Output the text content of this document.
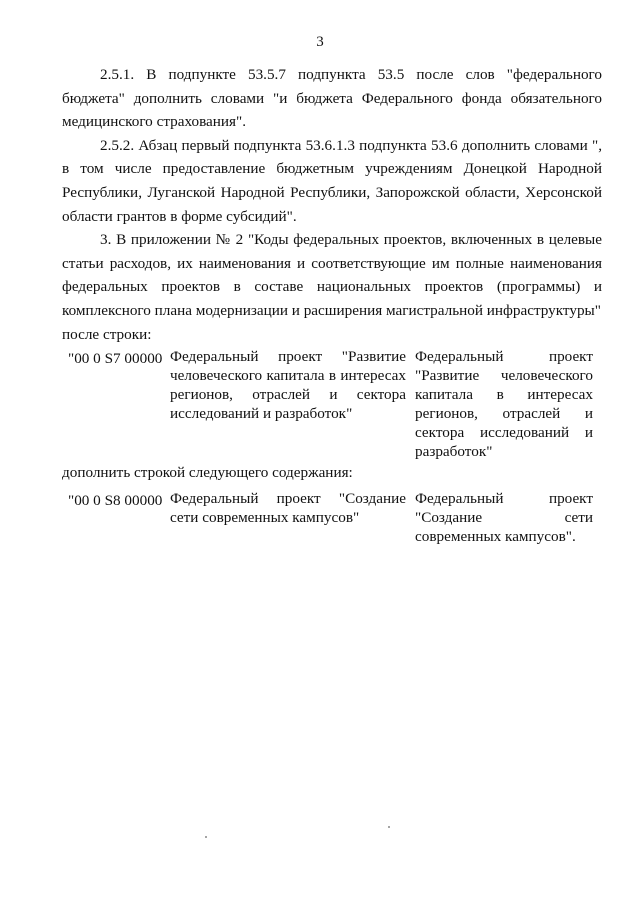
3

2.5.1. В подпункте 53.5.7 подпункта 53.5 после слов "федерального бюджета" дополнить словами "и бюджета Федерального фонда обязательного медицинского страхования".

2.5.2. Абзац первый подпункта 53.6.1.3 подпункта 53.6 дополнить словами ", в том числе предоставление бюджетным учреждениям Донецкой Народной Республики, Луганской Народной Республики, Запорожской области, Херсонской области грантов в форме субсидий".

3. В приложении № 2 "Коды федеральных проектов, включенных в целевые статьи расходов, их наименования и соответствующие им полные наименования федеральных проектов в составе национальных проектов (программы) и комплексного плана модернизации и расширения магистральной инфраструктуры"

после строки:

"00 0 S7 00000 Федеральный проект "Развитие человеческого капитала в интересах регионов, отраслей и сектора исследований и разработок"
Федеральный проект "Развитие человеческого капитала в интересах регионов, отраслей и сектора исследований и разработок"

дополнить строкой следующего содержания:

"00 0 S8 00000 Федеральный проект "Создание сети современных кампусов"
Федеральный проект "Создание сети современных кампусов".
